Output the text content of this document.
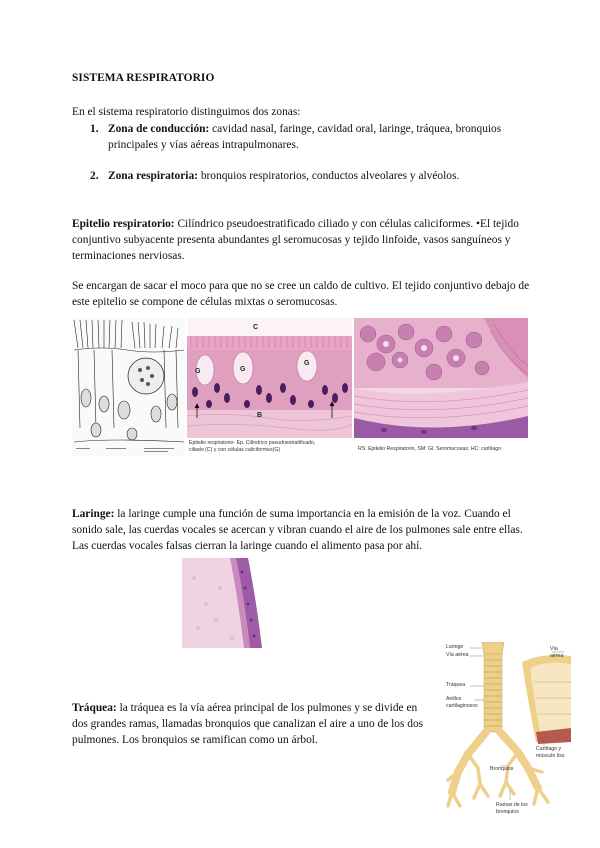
SISTEMA RESPIRATORIO
En el sistema respiratorio distinguimos dos zonas:
1. Zona de conducción: cavidad nasal, faringe, cavidad oral, laringe, tráquea, bronquios principales y vías aéreas intrapulmonares.
2. Zona respiratoria: bronquios respiratorios, conductos alveolares y alvéolos.
Epitelio respiratorio: Cilíndrico pseudoestratificado ciliado y con células caliciformes. •El tejido conjuntivo subyacente presenta abundantes gl seromucosas y tejido linfoide, vasos sanguíneos y terminaciones nerviosas.
Se encargan de sacar el moco para que no se cree un caldo de cultivo. El tejido conjuntivo debajo de este epitelio se compone de células mixtas o seromucosas.
C
G	G
G
B
Epitelio respiratorio- Ep. Cilíndrico pseudoestratificado, ciliado (C) y con células caliciformes(G)	RS: Epitelio Respiratorio, SM: Gl. Seromucosas; HC: cartílago
Laringe: la laringe cumple una función de suma importancia en la emisión de la voz. Cuando el sonido sale, las cuerdas vocales se acercan y vibran cuando el aire de los pulmones sale entre ellas. Las cuerdas vocales falsas cierran la laringe cuando el alimento pasa por ahí.
Tráquea: la tráquea es la vía aérea principal de los pulmones y se divide en dos grandes ramas, llamadas bronquios que canalizan el aire a uno de los dos pulmones. Los bronquios se ramifican como un árbol.
Laringe
Vía aérea
Tráquea
Anillos cartilaginosos
Bronquios
Vía aérea
Cartílago y músculo liso
Ramas de los bronquios
